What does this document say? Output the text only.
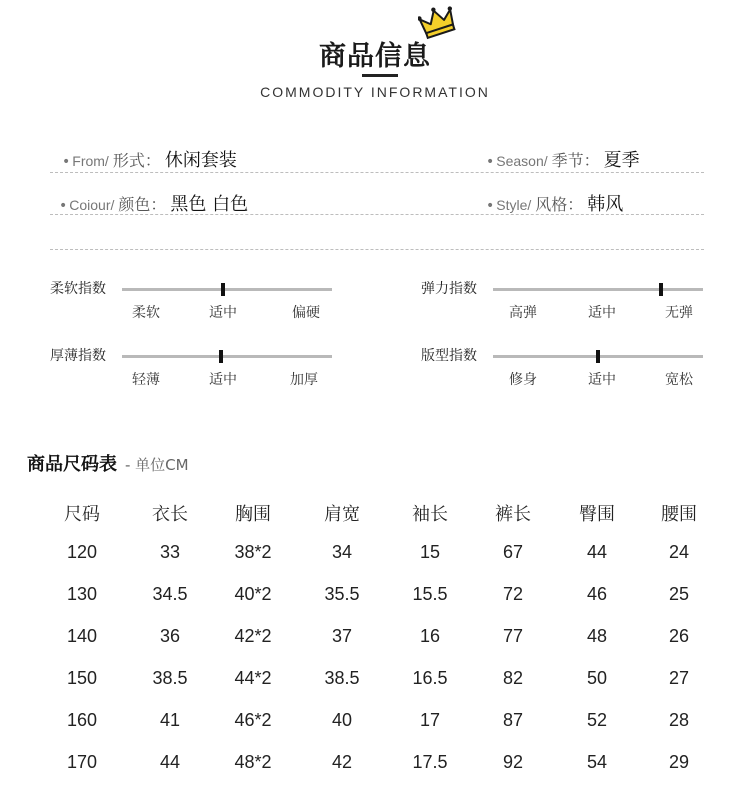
商品信息
COMMODITY INFORMATION
• From/ 形式： 休闲套装	• Season/ 季节： 夏季
• Coiour/ 颜色： 黑色 白色	• Style/ 风格： 韩风
柔软指数
柔软	适中	偏硬
弹力指数
高弹	适中	无弹
厚薄指数
轻薄	适中	加厚
版型指数
修身	适中	宽松
商品尺码表 - 单位CM
尺码	衣长	胸围	肩宽	袖长	裤长	臀围	腰围
120	33	38*2	34	15	67	44	24
130	34.5	40*2	35.5	15.5	72	46	25
140	36	42*2	37	16	77	48	26
150	38.5	44*2	38.5	16.5	82	50	27
160	41	46*2	40	17	87	52	28
170	44	48*2	42	17.5	92	54	29
